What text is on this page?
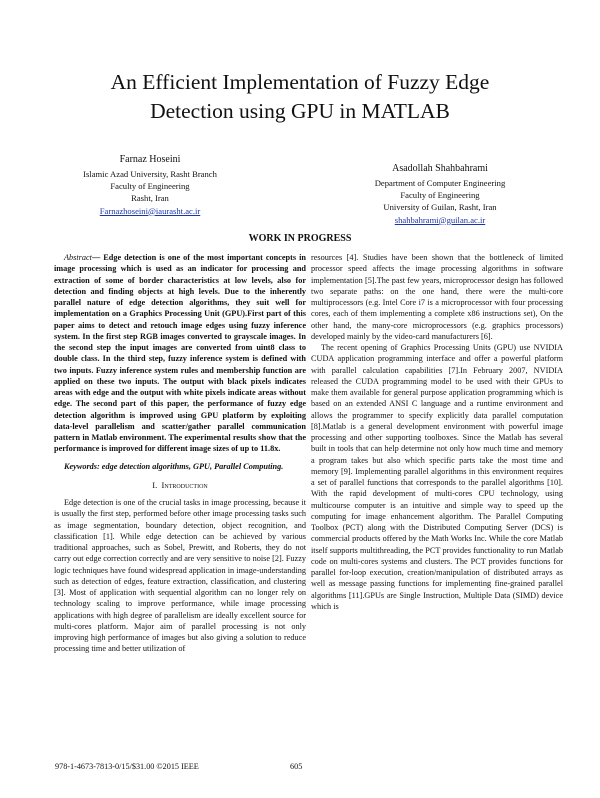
An Efficient Implementation of Fuzzy Edge
Detection using GPU in MATLAB
Farnaz Hoseini
Islamic Azad University, Rasht Branch
Faculty of Engineering
Rasht, Iran
Farnazhoseini@iaurasht.ac.ir
Asadollah Shahbahrami
Department of Computer Engineering
Faculty of Engineering
University of Guilan, Rasht, Iran
shahbahrami@guilan.ac.ir
WORK IN PROGRESS

Abstract— Edge detection is one of the most important concepts in image processing which is used as an indicator for processing and extraction of some of border characteristics at low levels, also for detection and finding objects at high levels. Due to the inherently parallel nature of edge detection algorithms, they suit well for implementation on a Graphics Processing Unit (GPU).First part of this paper aims to detect and retouch image edges using fuzzy inference system. In the first step RGB images converted to grayscale images. In the second step the input images are converted from uint8 class to double class. In the third step, fuzzy inference system is defined with two inputs. Fuzzy inference system rules and membership function are applied on these two inputs. The output with black pixels indicates areas with edge and the output with white pixels indicate areas without edge. The second part of this paper, the performance of fuzzy edge detection algorithm is improved using GPU platform by exploiting data-level parallelism and scatter/gather parallel communication pattern in Matlab environment. The experimental results show that the performance is improved for different image sizes of up to 11.8x.

Keywords: edge detection algorithms, GPU, Parallel Computing.

I. Introduction

Edge detection is one of the crucial tasks in image processing, because it is usually the first step, performed before other image processing tasks such as image segmentation, boundary detection, object recognition, and classification [1]. While edge detection can be achieved by various traditional approaches, such as Sobel, Prewitt, and Roberts, they do not carry out edge correction correctly and are very sensitive to noise [2]. Fuzzy logic techniques have found widespread application in image-understanding such as detection of edges, feature extraction, classification, and clustering [3]. Most of application with sequential algorithm can no longer rely on technology scaling to improve performance, while image processing applications with high degree of parallelism are ideally excellent source for multi-cores platform. Major aim of parallel processing is not only improving high performance of images but also giving a solution to reduce processing time and better utilization of

resources [4]. Studies have been shown that the bottleneck of limited processor speed affects the image processing algorithms in software implementation [5].The past few years, microprocessor design has followed two separate paths: on the one hand, there were the multi-core multiprocessors (e.g. Intel Core i7 is a microprocessor with four processing cores, each of them implementing a complete x86 instructions set), On the other hand, the many-core microprocessors (e.g. graphics processors) developed mainly by the video-card manufacturers [6].

The recent opening of Graphics Processing Units (GPU) use NVIDIA CUDA application programming interface and offer a powerful platform with parallel calculation capabilities [7].In February 2007, NVIDIA released the CUDA programming model to be used with their GPUs to make them available for general purpose application programming which is based on an extended ANSI C language and a runtime environment and allows the programmer to specify explicitly data parallel computation [8].Matlab is a general development environment with powerful image processing and other supporting toolboxes. Since the Matlab has several built in tools that can help determine not only how much time and memory a program takes but also which specific parts take the most time and memory [9]. Implementing parallel algorithms in this environment requires a set of parallel functions that corresponds to the parallel algorithms [10]. With the rapid development of multi-cores CPU technology, using multicourse computer is an intuitive and simple way to speed up the computing for image enhancement algorithm. The Parallel Computing Toolbox (PCT) along with the Distributed Computing Server (DCS) is commercial products offered by the Math Works Inc. While the core Matlab itself supports multithreading, the PCT provides functionality to run Matlab code on multi-cores systems and clusters. The PCT provides functions for parallel for-loop execution, creation/manipulation of distributed arrays as well as message passing functions for implementing fine-grained parallel algorithms [11].GPUs are Single Instruction, Multiple Data (SIMD) device which is

978-1-4673-7813-0/15/$31.00 ©2015 IEEE	605
